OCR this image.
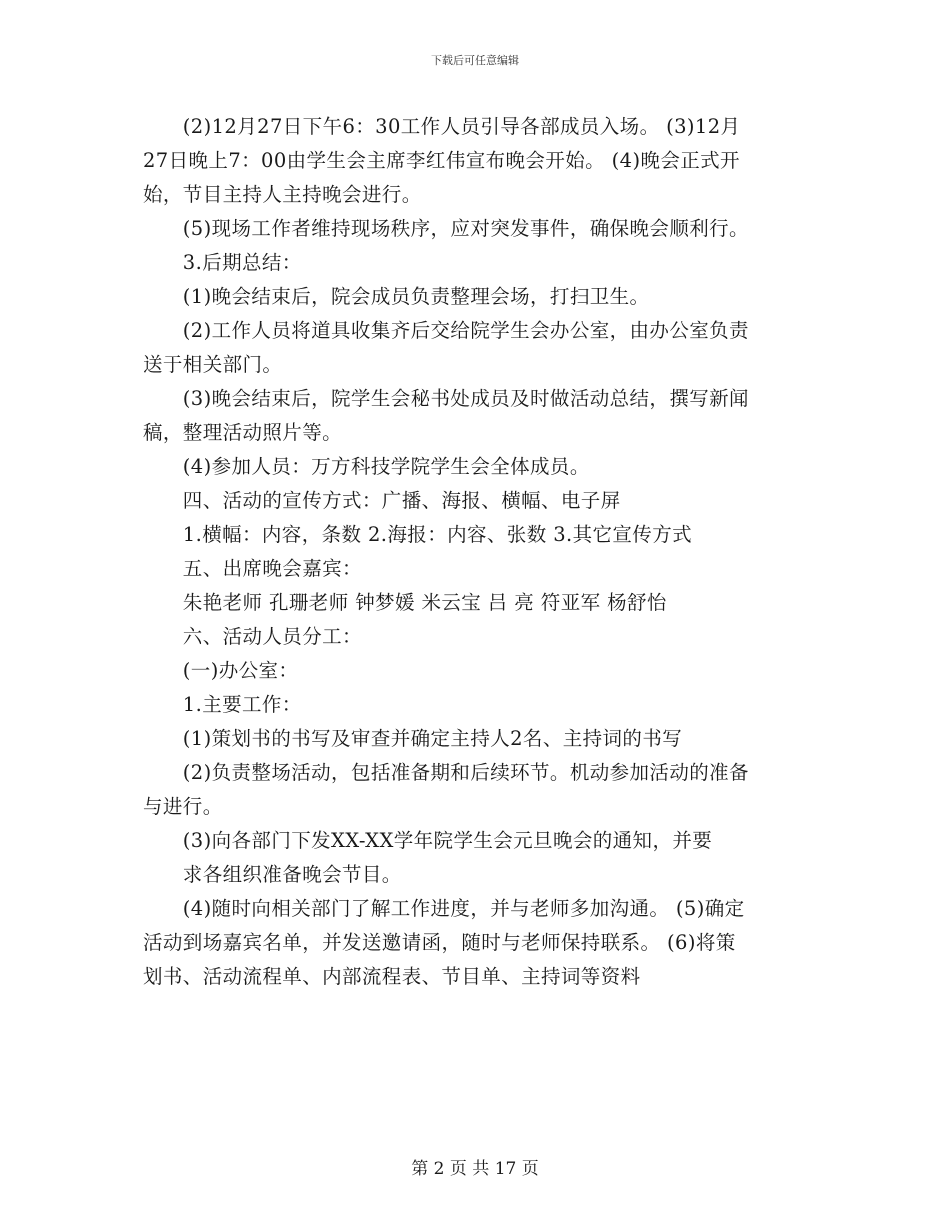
下载后可任意编辑

　　(2)12月27日下午6：30工作人员引导各部成员入场。 (3)12月

27日晚上7：00由学生会主席李红伟宣布晚会开始。 (4)晚会正式开

始，节目主持人主持晚会进行。

　　(5)现场工作者维持现场秩序，应对突发事件，确保晚会顺利行。

　　3.后期总结：

　　(1)晚会结束后，院会成员负责整理会场，打扫卫生。

　　(2)工作人员将道具收集齐后交给院学生会办公室，由办公室负责

送于相关部门。

　　(3)晚会结束后，院学生会秘书处成员及时做活动总结，撰写新闻

稿，整理活动照片等。

　　(4)参加人员：万方科技学院学生会全体成员。

　　四、活动的宣传方式：广播、海报、横幅、电子屏

　　1.横幅：内容，条数 2.海报：内容、张数 3.其它宣传方式

　　五、出席晚会嘉宾：

　　朱艳老师 孔珊老师 钟梦媛 米云宝 吕 亮 符亚军 杨舒怡

　　六、活动人员分工：

　　(一)办公室：

　　1.主要工作：

　　(1)策划书的书写及审查并确定主持人2名、主持词的书写

　　(2)负责整场活动，包括准备期和后续环节。机动参加活动的准备

与进行。

　　(3)向各部门下发XX-XX学年院学生会元旦晚会的通知，并要

　　求各组织准备晚会节目。

　　(4)随时向相关部门了解工作进度，并与老师多加沟通。 (5)确定

活动到场嘉宾名单，并发送邀请函，随时与老师保持联系。 (6)将策

划书、活动流程单、内部流程表、节目单、主持词等资料

第 2 页 共 17 页
